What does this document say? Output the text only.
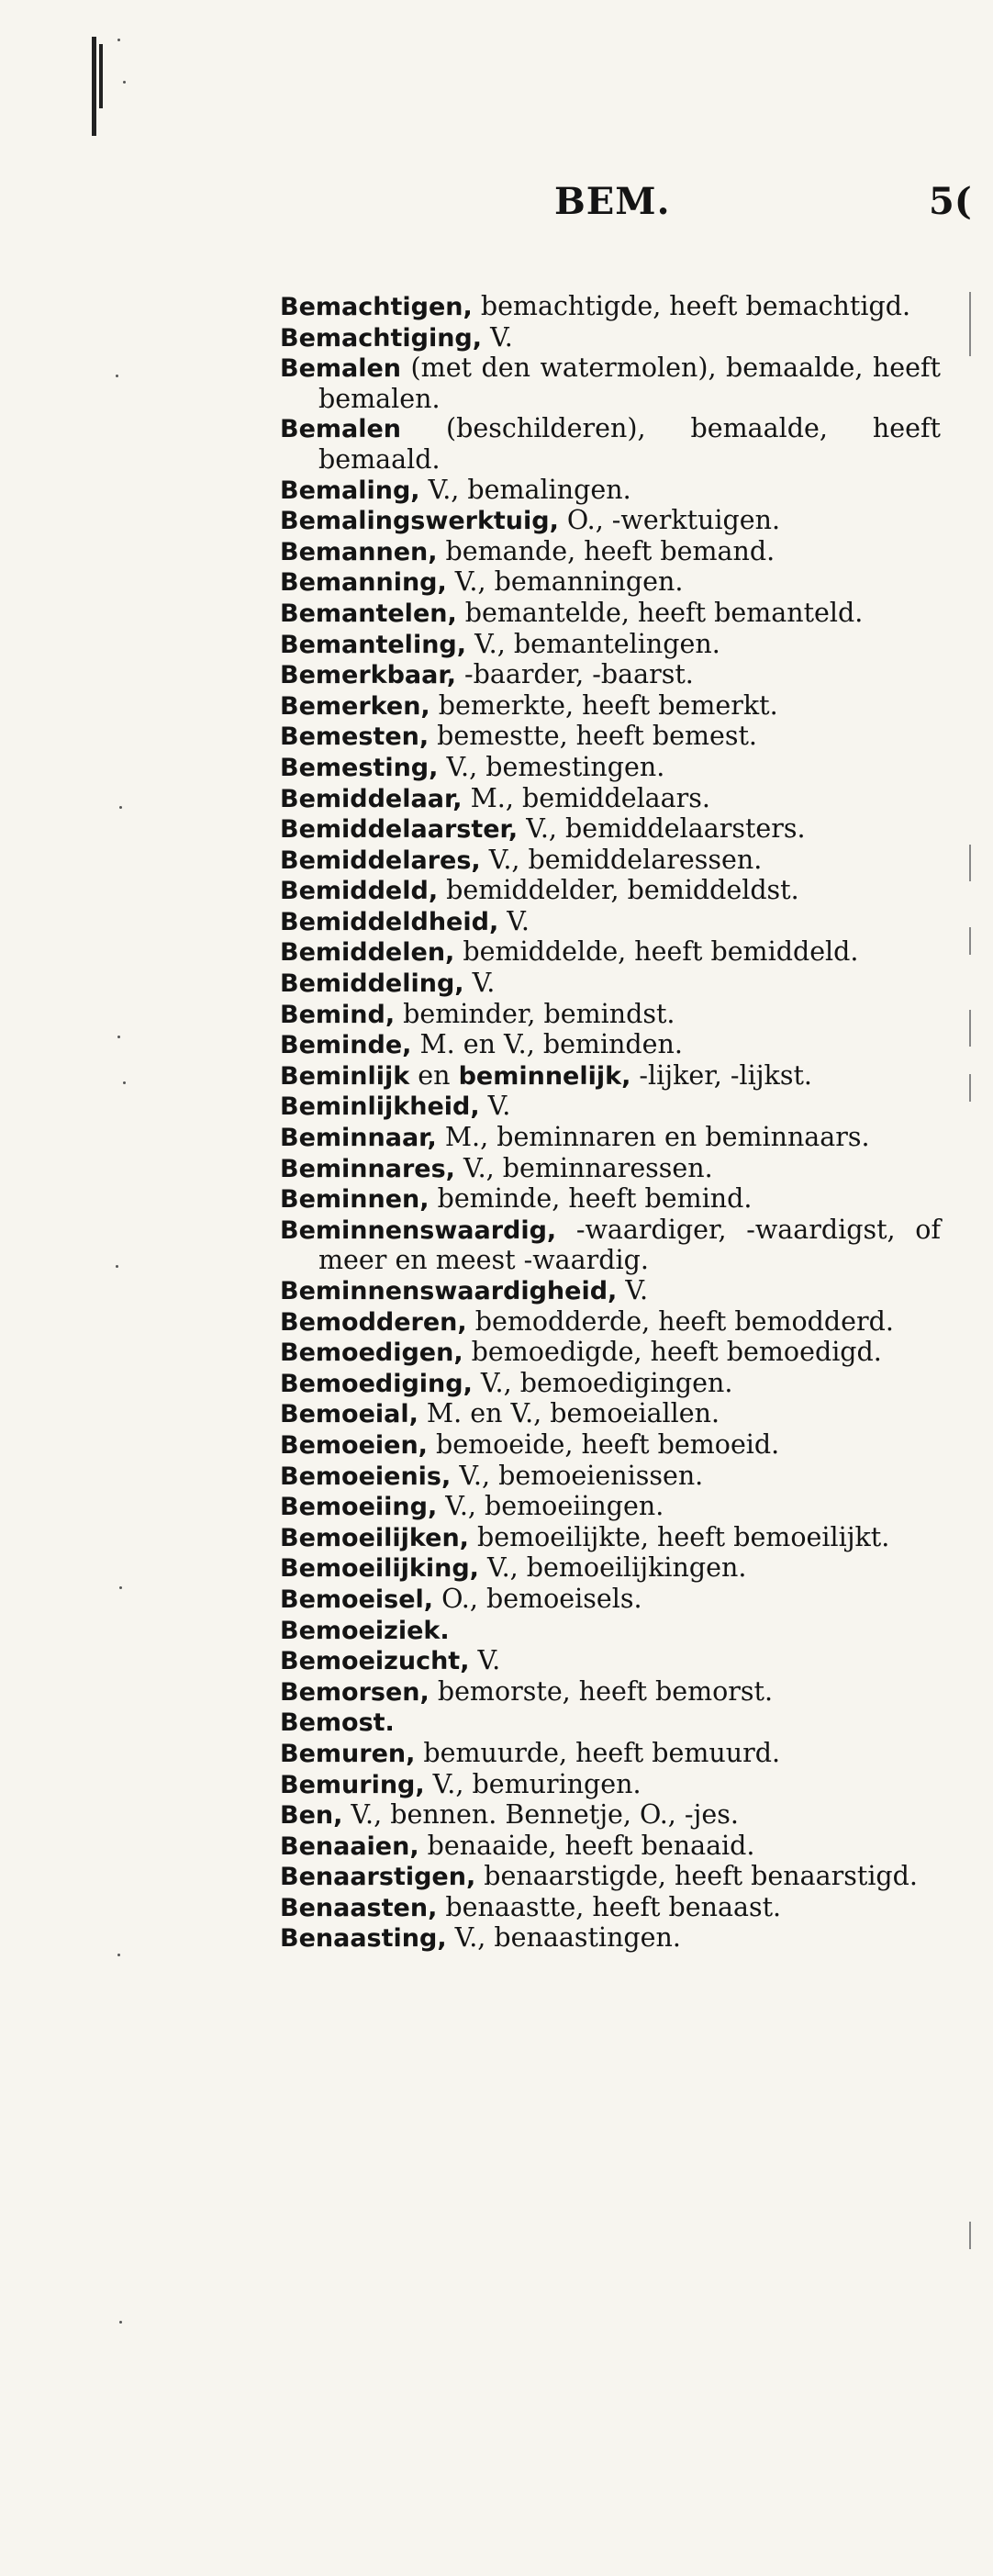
BEM.	5(
Bemachtigen, bemachtigde, heeft bemachtigd.
Bemachtiging, V.
Bemalen (met den watermolen), bemaalde, heeft bemalen.
Bemalen (beschilderen), bemaalde, heeft bemaald.
Bemaling, V., bemalingen.
Bemalingswerktuig, O., -werktuigen.
Bemannen, bemande, heeft bemand.
Bemanning, V., bemanningen.
Bemantelen, bemantelde, heeft bemanteld.
Bemanteling, V., bemantelingen.
Bemerkbaar, -baarder, -baarst.
Bemerken, bemerkte, heeft bemerkt.
Bemesten, bemestte, heeft bemest.
Bemesting, V., bemestingen.
Bemiddelaar, M., bemiddelaars.
Bemiddelaarster, V., bemiddelaarsters.
Bemiddelares, V., bemiddelaressen.
Bemiddeld, bemiddelder, bemiddeldst.
Bemiddeldheid, V.
Bemiddelen, bemiddelde, heeft bemiddeld.
Bemiddeling, V.
Bemind, beminder, bemindst.
Beminde, M. en V., beminden.
Beminlijk en beminnelijk, -lijker, -lijkst.
Beminlijkheid, V.
Beminnaar, M., beminnaren en beminnaars.
Beminnares, V., beminnaressen.
Beminnen, beminde, heeft bemind.
Beminnenswaardig, -waardiger, -waardigst, of meer en meest -waardig.
Beminnenswaardigheid, V.
Bemodderen, bemodderde, heeft bemodderd.
Bemoedigen, bemoedigde, heeft bemoedigd.
Bemoediging, V., bemoedigingen.
Bemoeial, M. en V., bemoeiallen.
Bemoeien, bemoeide, heeft bemoeid.
Bemoeienis, V., bemoeienissen.
Bemoeiing, V., bemoeiingen.
Bemoeilijken, bemoeilijkte, heeft bemoeilijkt.
Bemoeilijking, V., bemoeilijkingen.
Bemoeisel, O., bemoeisels.
Bemoeiziek.
Bemoeizucht, V.
Bemorsen, bemorste, heeft bemorst.
Bemost.
Bemuren, bemuurde, heeft bemuurd.
Bemuring, V., bemuringen.
Ben, V., bennen. Bennetje, O., -jes.
Benaaien, benaaide, heeft benaaid.
Benaarstigen, benaarstigde, heeft benaarstigd.
Benaasten, benaastte, heeft benaast.
Benaasting, V., benaastingen.
